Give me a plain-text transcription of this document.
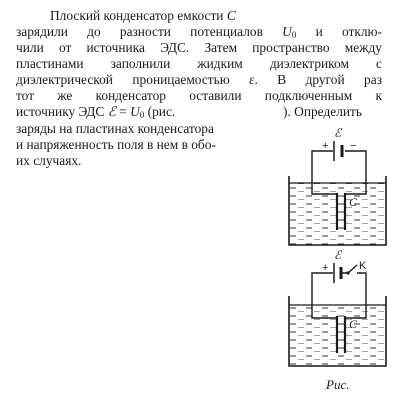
Плоский конденсатор емкости C
зарядили до разности потенциалов $U_0$ и отклю-
чили от источника ЭДС. Затем пространство между
пластинами заполнили жидким диэлектриком с
диэлектрической проницаемостью ε. В другой раз
тот же конденсатор оставили подключенным к
источнику ЭДС ℰ = $U_0$ (рис.	). Определить
заряды на пластинах конденсатора
и напряженность поля в нем в обо-
их случаях.
+ −
ℰ
C
+
ℰ
K
C
Рис.
